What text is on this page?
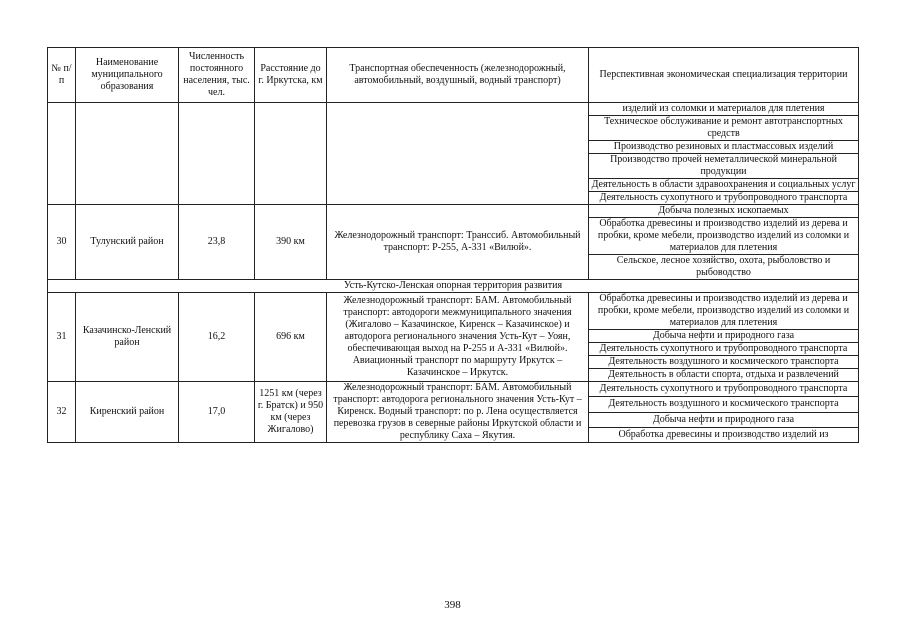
№ п/п	Наименование муниципального образования	Численность постоянного населения, тыс. чел.	Расстояние до г. Иркутска, км	Транспортная обеспеченность (железнодорожный, автомобильный, воздушный, водный транспорт)	Перспективная экономическая специализация территории
					изделий из соломки и материалов для плетения
					Техническое обслуживание и ремонт автотранспортных средств
					Производство резиновых и пластмассовых изделий
					Производство прочей неметаллической минеральной продукции
					Деятельность в области здравоохранения и социальных услуг
					Деятельность сухопутного и трубопроводного транспорта
30	Тулунский район	23,8	390 км	Железнодорожный транспорт: Транссиб. Автомобильный транспорт: Р-255, А-331 «Вилюй».	Добыча полезных ископаемых
					Обработка древесины и производство изделий из дерева и пробки, кроме мебели, производство изделий из соломки и материалов для плетения
					Сельское, лесное хозяйство, охота, рыболовство и рыбоводство
Усть-Кутско-Ленская опорная территория развития					
31	Казачинско-Ленский район	16,2	696 км	Железнодорожный транспорт: БАМ. Автомобильный транспорт: автодороги межмуниципального значения (Жигалово – Казачинское, Киренск – Казачинское) и автодорога регионального значения Усть-Кут – Уоян, обеспечивающая выход на Р-255 и А-331 «Вилюй». Авиационный транспорт по маршруту Иркутск – Казачинское – Иркутск.	Обработка древесины и производство изделий из дерева и пробки, кроме мебели, производство изделий из соломки и материалов для плетения
					Добыча нефти и природного газа
					Деятельность сухопутного и трубопроводного транспорта
					Деятельность воздушного и космического транспорта
					Деятельность в области спорта, отдыха и развлечений
32	Киренский район	17,0	1251 км (через г. Братск) и 950 км (через Жигалово)	Железнодорожный транспорт: БАМ. Автомобильный транспорт: автодорога регионального значения Усть-Кут – Киренск. Водный транспорт: по р. Лена осуществляется перевозка грузов в северные районы Иркутской области и республику Саха – Якутия.	Деятельность сухопутного и трубопроводного транспорта
					Деятельность воздушного и космического транспорта
					Добыча нефти и природного газа
					Обработка древесины и производство изделий из
398
